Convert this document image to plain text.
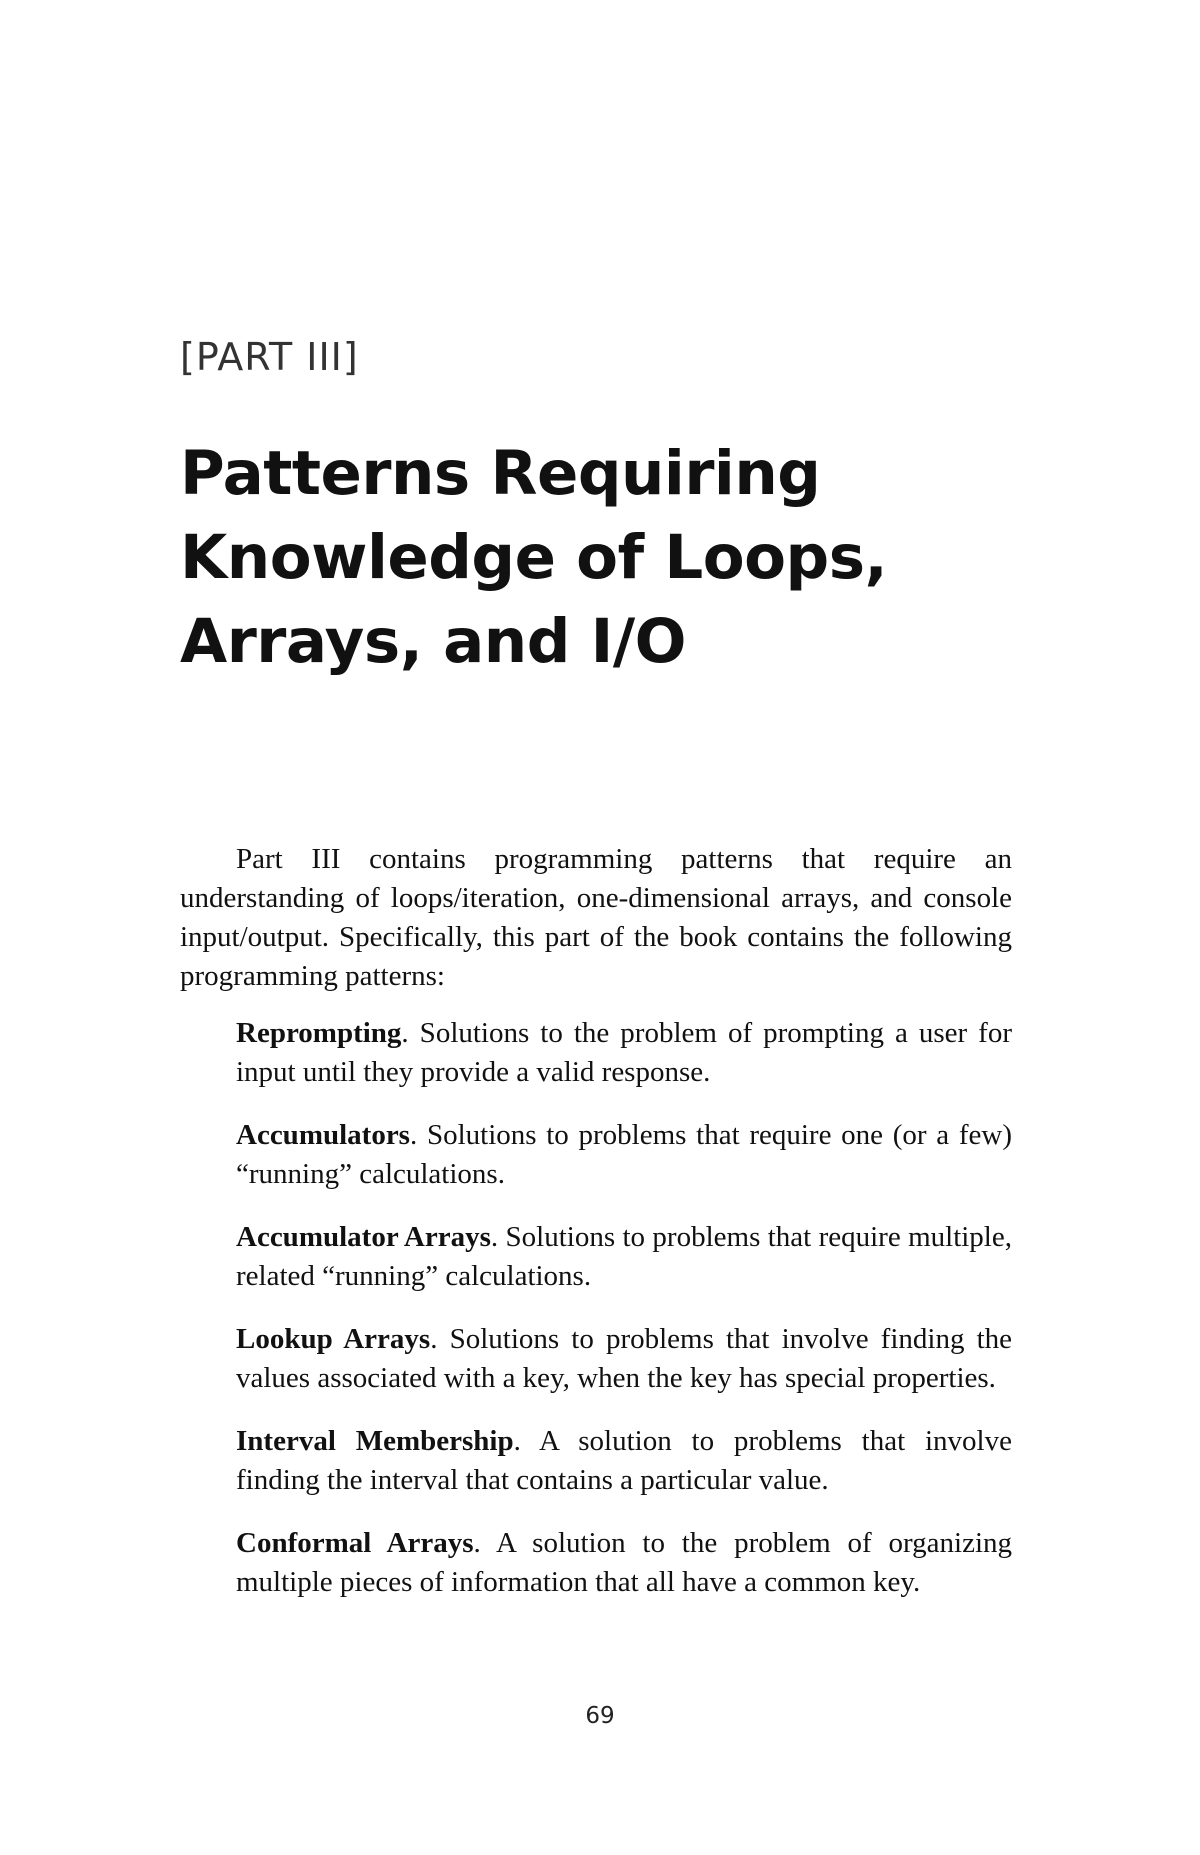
[PART III]

Patterns Requiring
Knowledge of Loops,
Arrays, and I/O

Part III contains programming patterns that require an understanding of loops/iteration, one-dimensional arrays, and console input/output. Specifically, this part of the book contains the following programming patterns:

Reprompting. Solutions to the problem of prompting a user for input until they provide a valid response.
Accumulators. Solutions to problems that require one (or a few) “running” calculations.
Accumulator Arrays. Solutions to problems that require multiple, related “running” calculations.
Lookup Arrays. Solutions to problems that involve finding the values associated with a key, when the key has special properties.
Interval Membership. A solution to problems that involve finding the interval that contains a particular value.
Conformal Arrays. A solution to the problem of organizing multiple pieces of information that all have a common key.

69
